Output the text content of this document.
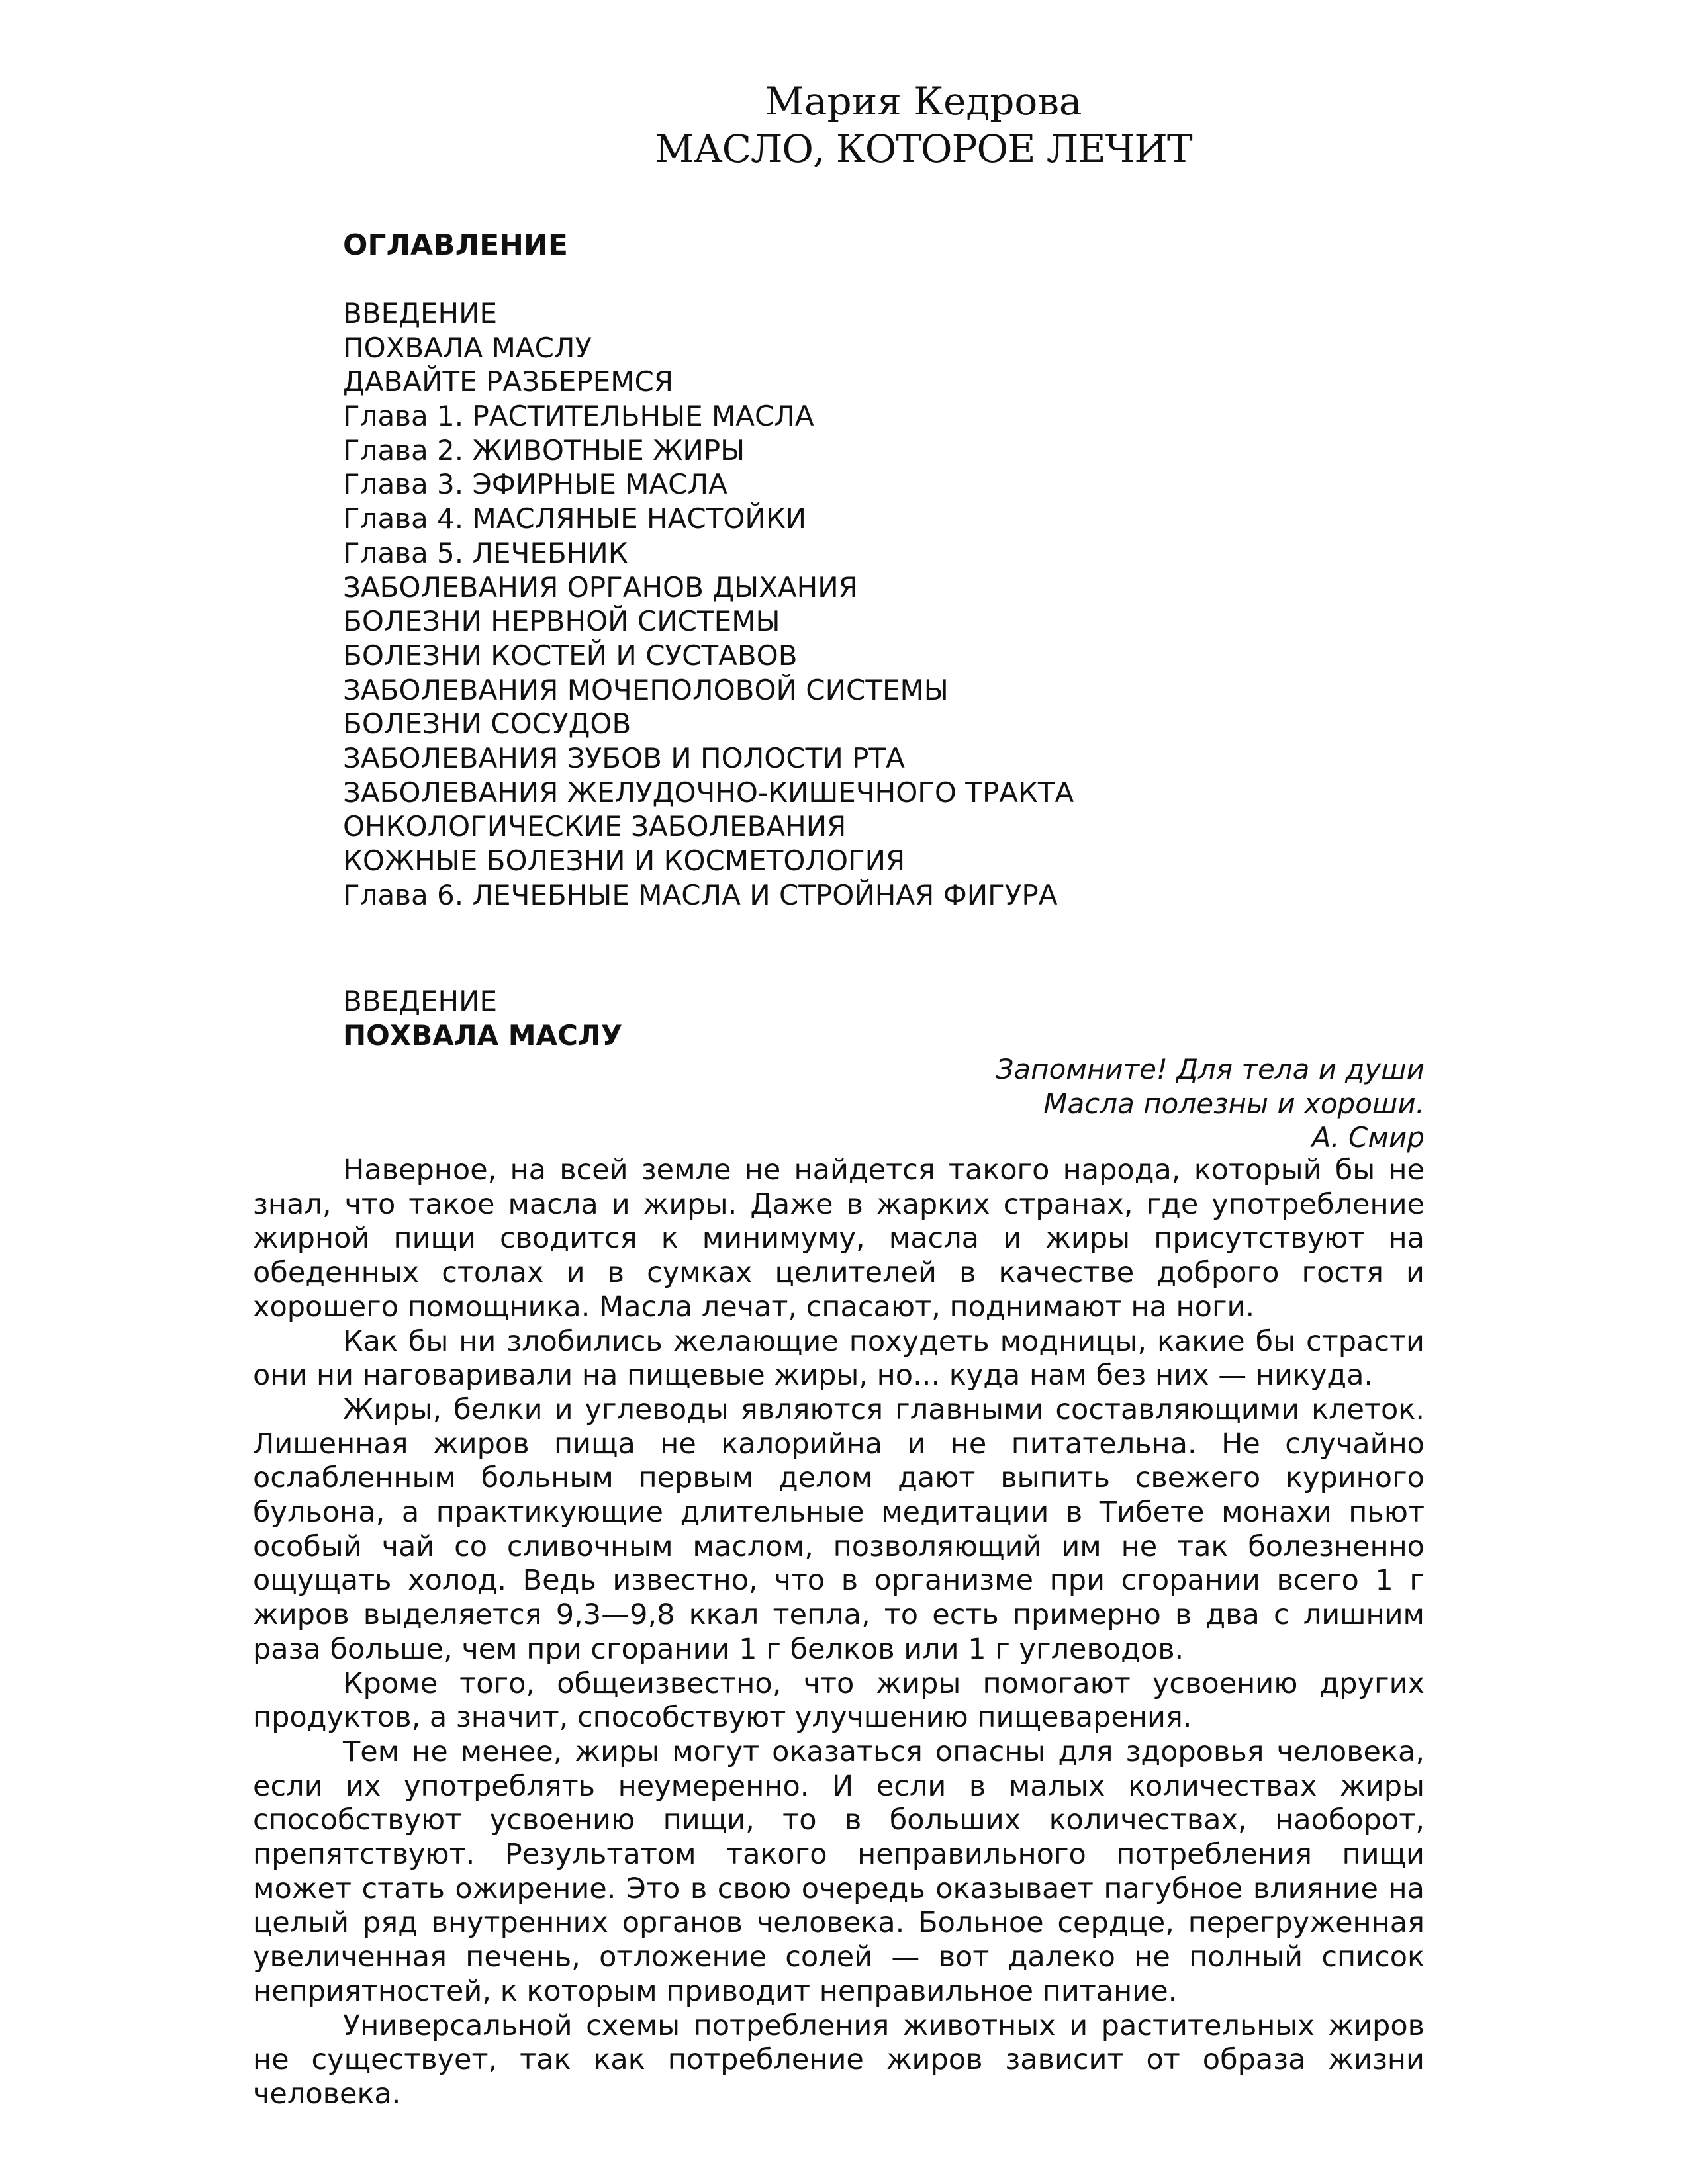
Мария Кедрова
МАСЛО, КОТОРОЕ ЛЕЧИТ
ОГЛАВЛЕНИЕ
ВВЕДЕНИЕ
ПОХВАЛА МАСЛУ
ДАВАЙТЕ РАЗБЕРЕМСЯ
Глава 1. РАСТИТЕЛЬНЫЕ МАСЛА
Глава 2. ЖИВОТНЫЕ ЖИРЫ
Глава 3. ЭФИРНЫЕ МАСЛА
Глава 4. МАСЛЯНЫЕ НАСТОЙКИ
Глава 5. ЛЕЧЕБНИК
ЗАБОЛЕВАНИЯ ОРГАНОВ ДЫХАНИЯ
БОЛЕЗНИ НЕРВНОЙ СИСТЕМЫ
БОЛЕЗНИ КОСТЕЙ И СУСТАВОВ
ЗАБОЛЕВАНИЯ МОЧЕПОЛОВОЙ СИСТЕМЫ
БОЛЕЗНИ СОСУДОВ
ЗАБОЛЕВАНИЯ ЗУБОВ И ПОЛОСТИ РТА
ЗАБОЛЕВАНИЯ ЖЕЛУДОЧНО-КИШЕЧНОГО ТРАКТА
ОНКОЛОГИЧЕСКИЕ ЗАБОЛЕВАНИЯ
КОЖНЫЕ БОЛЕЗНИ И КОСМЕТОЛОГИЯ
Глава 6. ЛЕЧЕБНЫЕ МАСЛА И СТРОЙНАЯ ФИГУРА
ВВЕДЕНИЕ
ПОХВАЛА МАСЛУ
Запомните! Для тела и души
Масла полезны и хороши.
А. Смир

Наверное, на всей земле не найдется такого народа, который бы не знал, что такое масла и жиры. Даже в жарких странах, где употребление жирной пищи сводится к минимуму, масла и жиры присутствуют на обеденных столах и в сумках целителей в качестве доброго гостя и хорошего помощника. Масла лечат, спасают, поднимают на ноги.

Как бы ни злобились желающие похудеть модницы, какие бы страсти они ни наговаривали на пищевые жиры, но... куда нам без них — никуда.

Жиры, белки и углеводы являются главными составляющими клеток. Лишенная жиров пища не калорийна и не питательна. Не случайно ослабленным больным первым делом дают выпить свежего куриного бульона, а практикующие длительные медитации в Тибете монахи пьют особый чай со сливочным маслом, позволяющий им не так болезненно ощущать холод. Ведь известно, что в организме при сгорании всего 1 г жиров выделяется 9,3—9,8 ккал тепла, то есть примерно в два с лишним раза больше, чем при сгорании 1 г белков или 1 г углеводов.

Кроме того, общеизвестно, что жиры помогают усвоению других продуктов, а значит, способствуют улучшению пищеварения.

Тем не менее, жиры могут оказаться опасны для здоровья человека, если их употреблять неумеренно. И если в малых количествах жиры способствуют усвоению пищи, то в больших количествах, наоборот, препятствуют. Результатом такого неправильного потребления пищи может стать ожирение. Это в свою очередь оказывает пагубное влияние на целый ряд внутренних органов человека. Больное сердце, перегруженная увеличенная печень, отложение солей — вот далеко не полный список неприятностей, к которым приводит неправильное питание.

Универсальной схемы потребления животных и растительных жиров не существует, так как потребление жиров зависит от образа жизни человека.
